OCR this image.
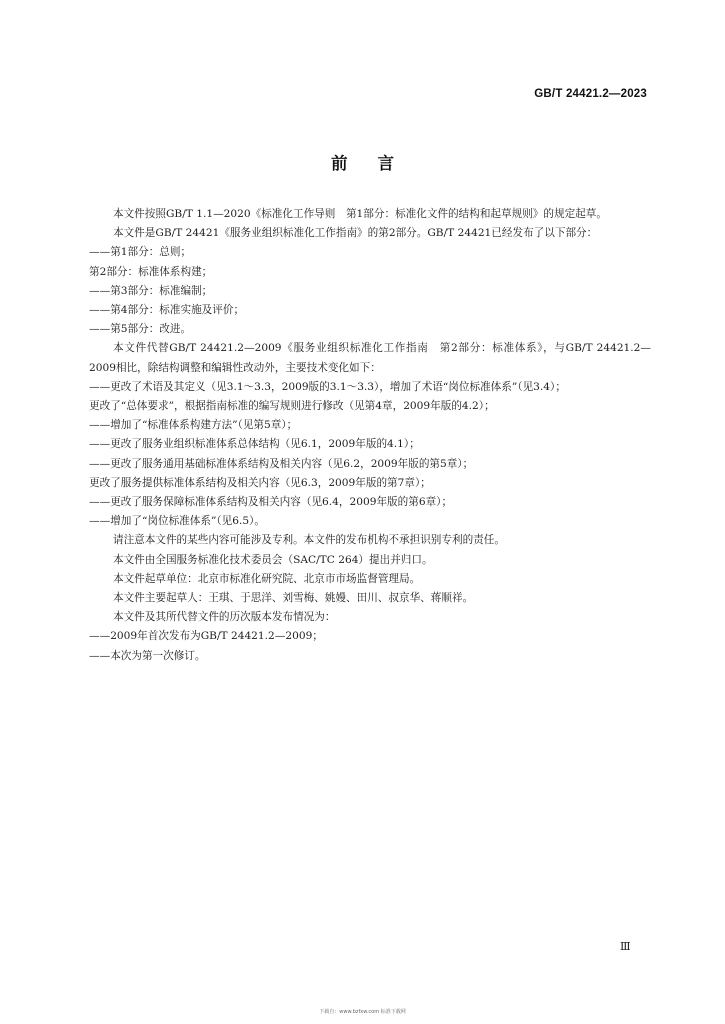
GB/T 24421.2—2023
前言

本文件按照GB/T 1.1—2020《标准化工作导则　第1部分：标准化文件的结构和起草规则》的规定起草。

本文件是GB/T 24421《服务业组织标准化工作指南》的第2部分。GB/T 24421已经发布了以下部分：

——第1部分：总则；

第2部分：标准体系构建；

——第3部分：标准编制；

——第4部分：标准实施及评价；

——第5部分：改进。

本文件代替GB/T 24421.2—2009《服务业组织标准化工作指南　第2部分：标准体系》，与GB/T 24421.2—2009相比，除结构调整和编辑性改动外，主要技术变化如下：

——更改了术语及其定义（见3.1～3.3，2009版的3.1～3.3），增加了术语“岗位标准体系”（见3.4）；

更改了“总体要求”，根据指南标准的编写规则进行修改（见第4章，2009年版的4.2）；

——增加了“标准体系构建方法”（见第5章）；

——更改了服务业组织标准体系总体结构（见6.1，2009年版的4.1）；

——更改了服务通用基础标准体系结构及相关内容（见6.2，2009年版的第5章）；

更改了服务提供标准体系结构及相关内容（见6.3，2009年版的第7章）；

——更改了服务保障标准体系结构及相关内容（见6.4，2009年版的第6章）；

——增加了“岗位标准体系”（见6.5）。

请注意本文件的某些内容可能涉及专利。本文件的发布机构不承担识别专利的责任。

本文件由全国服务标准化技术委员会（SAC/TC 264）提出并归口。

本文件起草单位：北京市标准化研究院、北京市市场监督管理局。

本文件主要起草人：王琪、于思洋、刘雪梅、姚嫚、田川、叔京华、蒋顺祥。

本文件及其所代替文件的历次版本发布情况为：

——2009年首次发布为GB/T 24421.2—2009；

——本次为第一次修订。

Ⅲ
下载自：www.bzfxw.com 标准下载网
